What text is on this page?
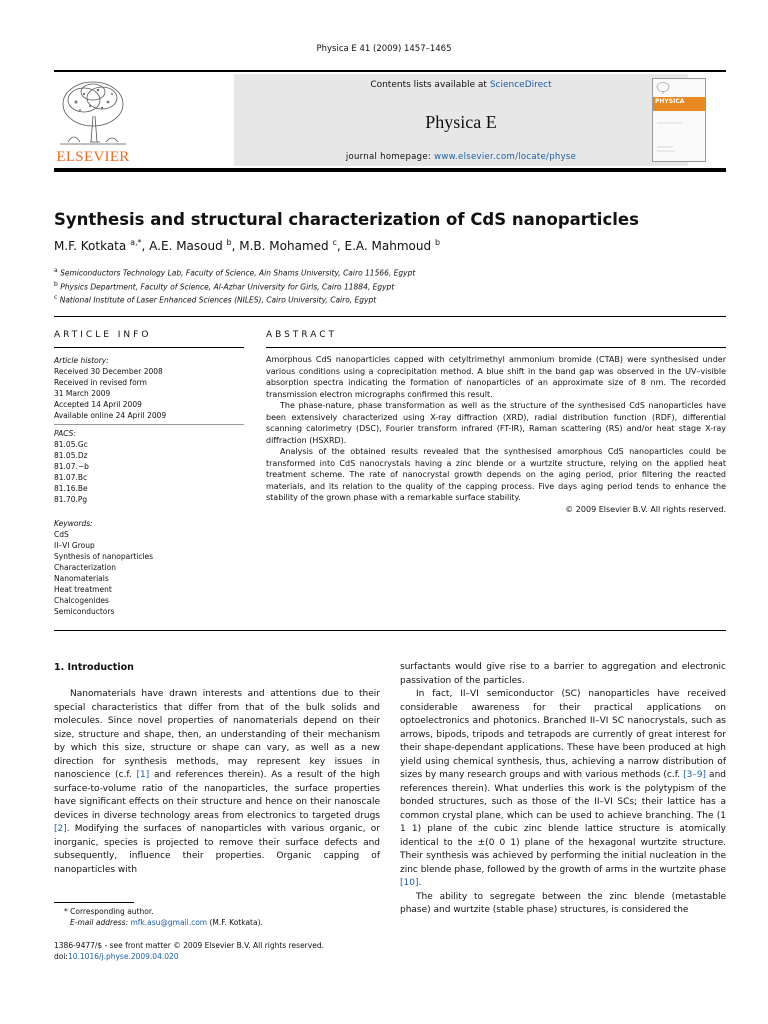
Physica E 41 (2009) 1457–1465
ELSEVIER
Contents lists available at ScienceDirect
Physica E
journal homepage: www.elsevier.com/locate/physe
PHYSICA
Synthesis and structural characterization of CdS nanoparticles
M.F. Kotkata $^{a,*}$, A.E. Masoud $^b$, M.B. Mohamed $^c$, E.A. Mahmoud $^b$
$^a$ Semiconductors Technology Lab, Faculty of Science, Ain Shams University, Cairo 11566, Egypt
$^b$ Physics Department, Faculty of Science, Al-Azhar University for Girls, Cairo 11884, Egypt
$^c$ National Institute of Laser Enhanced Sciences (NILES), Cairo University, Cairo, Egypt
ARTICLE INFO	ABSTRACT
Article history:
Received 30 December 2008
Received in revised form
31 March 2009
Accepted 14 April 2009
Available online 24 April 2009
PACS:
81.05.Gc
81.05.Dz
81.07.−b
81.07.Bc
81.16.Be
81.70.Pg
Keywords:
CdS
II–VI Group
Synthesis of nanoparticles
Characterization
Nanomaterials
Heat treatment
Chalcogenides
Semiconductors

Amorphous CdS nanoparticles capped with cetyltrimethyl ammonium bromide (CTAB) were synthesised under various conditions using a coprecipitation method. A blue shift in the band gap was observed in the UV–visible absorption spectra indicating the formation of nanoparticles of an approximate size of 8 nm. The recorded transmission electron micrographs confirmed this result.

The phase-nature, phase transformation as well as the structure of the synthesised CdS nanoparticles have been extensively characterized using X-ray diffraction (XRD), radial distribution function (RDF), differential scanning calorimetry (DSC), Fourier transform infrared (FT-IR), Raman scattering (RS) and/or heat stage X-ray diffraction (HSXRD).

Analysis of the obtained results revealed that the synthesised amorphous CdS nanoparticles could be transformed into CdS nanocrystals having a zinc blende or a wurtzite structure, relying on the applied heat treatment scheme. The rate of nanocrystal growth depends on the aging period, prior filtering the reacted materials, and its relation to the quality of the capping process. Five days aging period tends to enhance the stability of the grown phase with a remarkable surface stability.

© 2009 Elsevier B.V. All rights reserved.

1. Introduction

Nanomaterials have drawn interests and attentions due to their special characteristics that differ from that of the bulk solids and molecules. Since novel properties of nanomaterials depend on their size, structure and shape, then, an understanding of their mechanism by which this size, structure or shape can vary, as well as a new direction for synthesis methods, may represent key issues in nanoscience (c.f. [1] and references therein). As a result of the high surface-to-volume ratio of the nanoparticles, the surface properties have significant effects on their structure and hence on their nanoscale devices in diverse technology areas from electronics to targeted drugs [2]. Modifying the surfaces of nanoparticles with various organic, or inorganic, species is projected to remove their surface defects and subsequently, influence their properties. Organic capping of nanoparticles with

surfactants would give rise to a barrier to aggregation and electronic passivation of the particles.

In fact, II–VI semiconductor (SC) nanoparticles have received considerable awareness for their practical applications on optoelectronics and photonics. Branched II–VI SC nanocrystals, such as arrows, bipods, tripods and tetrapods are currently of great interest for their shape-dependant applications. These have been produced at high yield using chemical synthesis, thus, achieving a narrow distribution of sizes by many research groups and with various methods (c.f. [3–9] and references therein). What underlies this work is the polytypism of the bonded structures, such as those of the II–VI SCs; their lattice has a common crystal plane, which can be used to achieve branching. The (1 1 1) plane of the cubic zinc blende lattice structure is atomically identical to the ±(0 0 1) plane of the hexagonal wurtzite structure. Their synthesis was achieved by performing the initial nucleation in the zinc blende phase, followed by the growth of arms in the wurtzite phase [10].

The ability to segregate between the zinc blende (metastable phase) and wurtzite (stable phase) structures, is considered the

* Corresponding author.
E-mail address: mfk.asu@gmail.com (M.F. Kotkata).
1386-9477/$ - see front matter © 2009 Elsevier B.V. All rights reserved.
doi:10.1016/j.physe.2009.04.020
